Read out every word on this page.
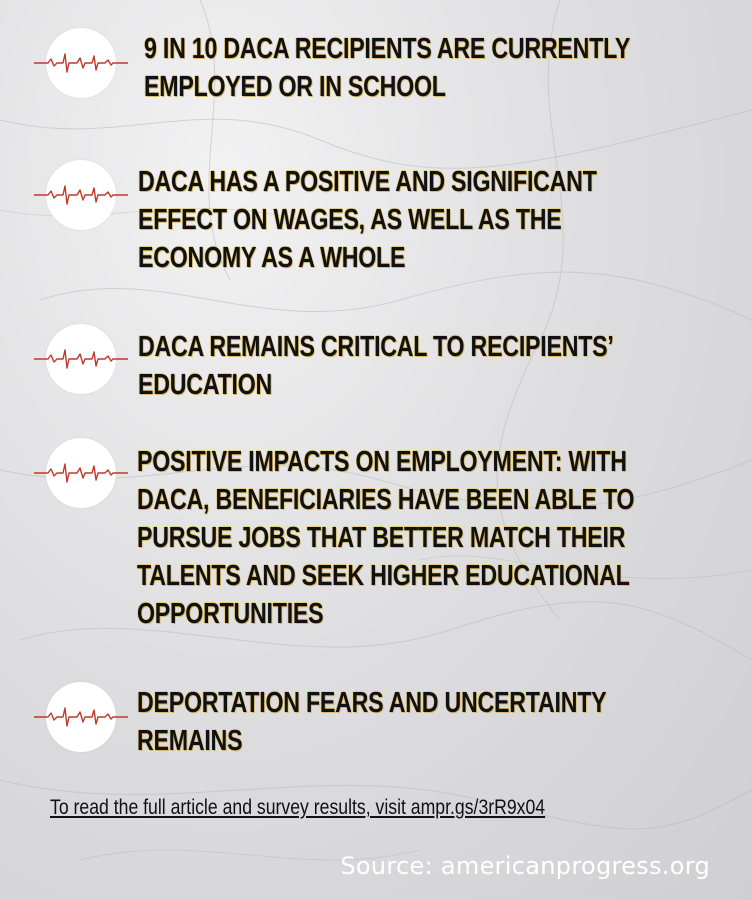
9 IN 10 DACA RECIPIENTS ARE CURRENTLY
EMPLOYED OR IN SCHOOL

DACA HAS A POSITIVE AND SIGNIFICANT
EFFECT ON WAGES, AS WELL AS THE
ECONOMY AS A WHOLE

DACA REMAINS CRITICAL TO RECIPIENTS’
EDUCATION

POSITIVE IMPACTS ON EMPLOYMENT: WITH
DACA, BENEFICIARIES HAVE BEEN ABLE TO
PURSUE JOBS THAT BETTER MATCH THEIR
TALENTS AND SEEK HIGHER EDUCATIONAL
OPPORTUNITIES

DEPORTATION FEARS AND UNCERTAINTY
REMAINS

To read the full article and survey results, visit ampr.gs/3rR9x04

Source: americanprogress.org
